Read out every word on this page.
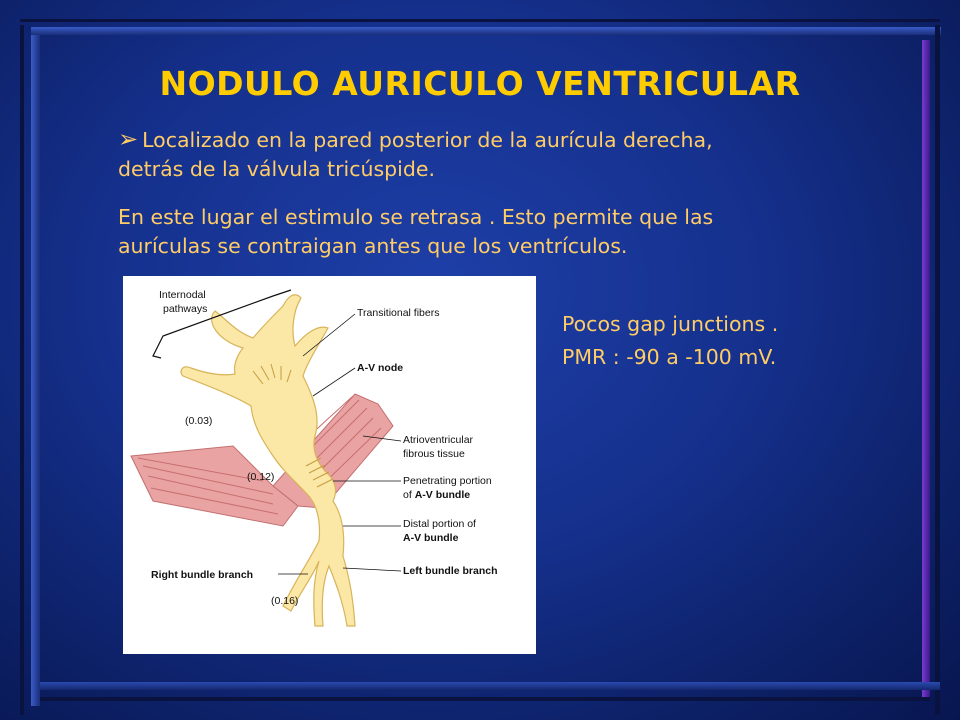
NODULO AURICULO VENTRICULAR
➢ Localizado en la pared posterior de la aurícula derecha,
detrás de la válvula tricúspide.
En este lugar el estimulo se retrasa . Esto permite que las
aurículas se contraigan antes que los ventrículos.
Pocos gap junctions .
PMR : -90 a -100 mV.
Internodal
pathways	Transitional fibers
A-V node
Atrioventricular
fibrous tissue
Penetrating portion
of A-V bundle
Distal portion of
A-V bundle
Left bundle branch
Right bundle branch
(0.03)
(0.12)
(0.16)
